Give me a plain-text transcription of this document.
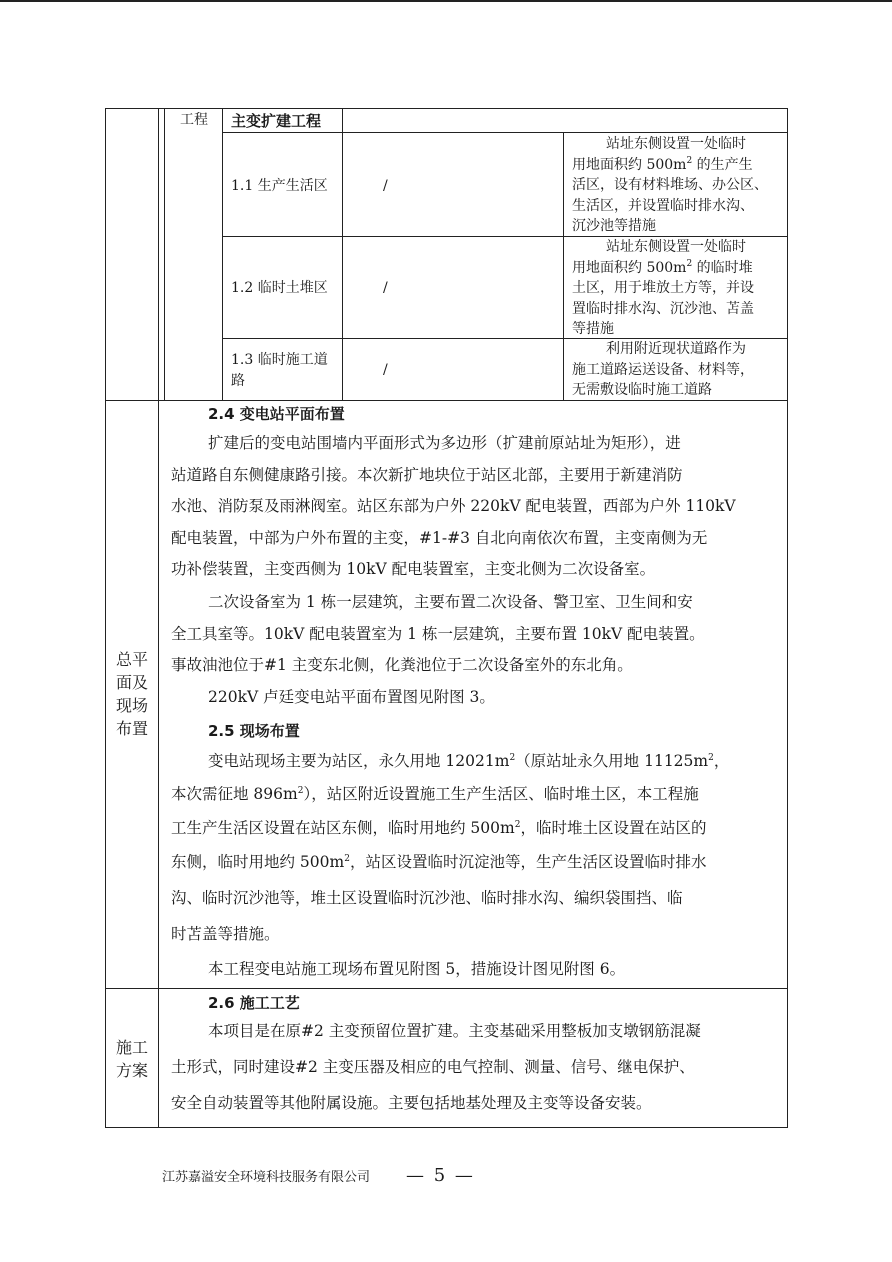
工程 主变扩建工程
1.1 生产生活区	/
站址东侧设置一处临时
用地面积约 $500m^2$ 的生产生
活区，设有材料堆场、办公区、
生活区，并设置临时排水沟、
沉沙池等措施
1.2 临时土堆区	/
站址东侧设置一处临时
用地面积约 $500m^2$ 的临时堆
土区，用于堆放土方等，并设
置临时排水沟、沉沙池、苫盖
等措施
1.3 临时施工道
路
/
利用附近现状道路作为
施工道路运送设备、材料等，
无需敷设临时施工道路
总平
面及
现场
布置
2.4 变电站平面布置
扩建后的变电站围墙内平面形式为多边形（扩建前原站址为矩形），进
站道路自东侧健康路引接。本次新扩地块位于站区北部，主要用于新建消防
水池、消防泵及雨淋阀室。站区东部为户外 220kV 配电装置，西部为户外 110kV
配电装置，中部为户外布置的主变，#1-#3 自北向南依次布置，主变南侧为无
功补偿装置，主变西侧为 10kV 配电装置室，主变北侧为二次设备室。
二次设备室为 1 栋一层建筑，主要布置二次设备、警卫室、卫生间和安
全工具室等。10kV 配电装置室为 1 栋一层建筑，主要布置 10kV 配电装置。
事故油池位于#1 主变东北侧，化粪池位于二次设备室外的东北角。
220kV 卢廷变电站平面布置图见附图 3。
2.5 现场布置
变电站现场主要为站区，永久用地 $12021m^2$（原站址永久用地 $11125m^2$，
本次需征地 $896m^2$），站区附近设置施工生产生活区、临时堆土区，本工程施
工生产生活区设置在站区东侧，临时用地约 $500m^2$，临时堆土区设置在站区的
东侧，临时用地约 $500m^2$，站区设置临时沉淀池等，生产生活区设置临时排水
沟、临时沉沙池等，堆土区设置临时沉沙池、临时排水沟、编织袋围挡、临
时苫盖等措施。
本工程变电站施工现场布置见附图 5，措施设计图见附图 6。
施工
方案
2.6 施工工艺
本项目是在原#2 主变预留位置扩建。主变基础采用整板加支墩钢筋混凝
土形式，同时建设#2 主变压器及相应的电气控制、测量、信号、继电保护、
安全自动装置等其他附属设施。主要包括地基处理及主变等设备安装。
江苏嘉溢安全环境科技服务有限公司 — 5 —
